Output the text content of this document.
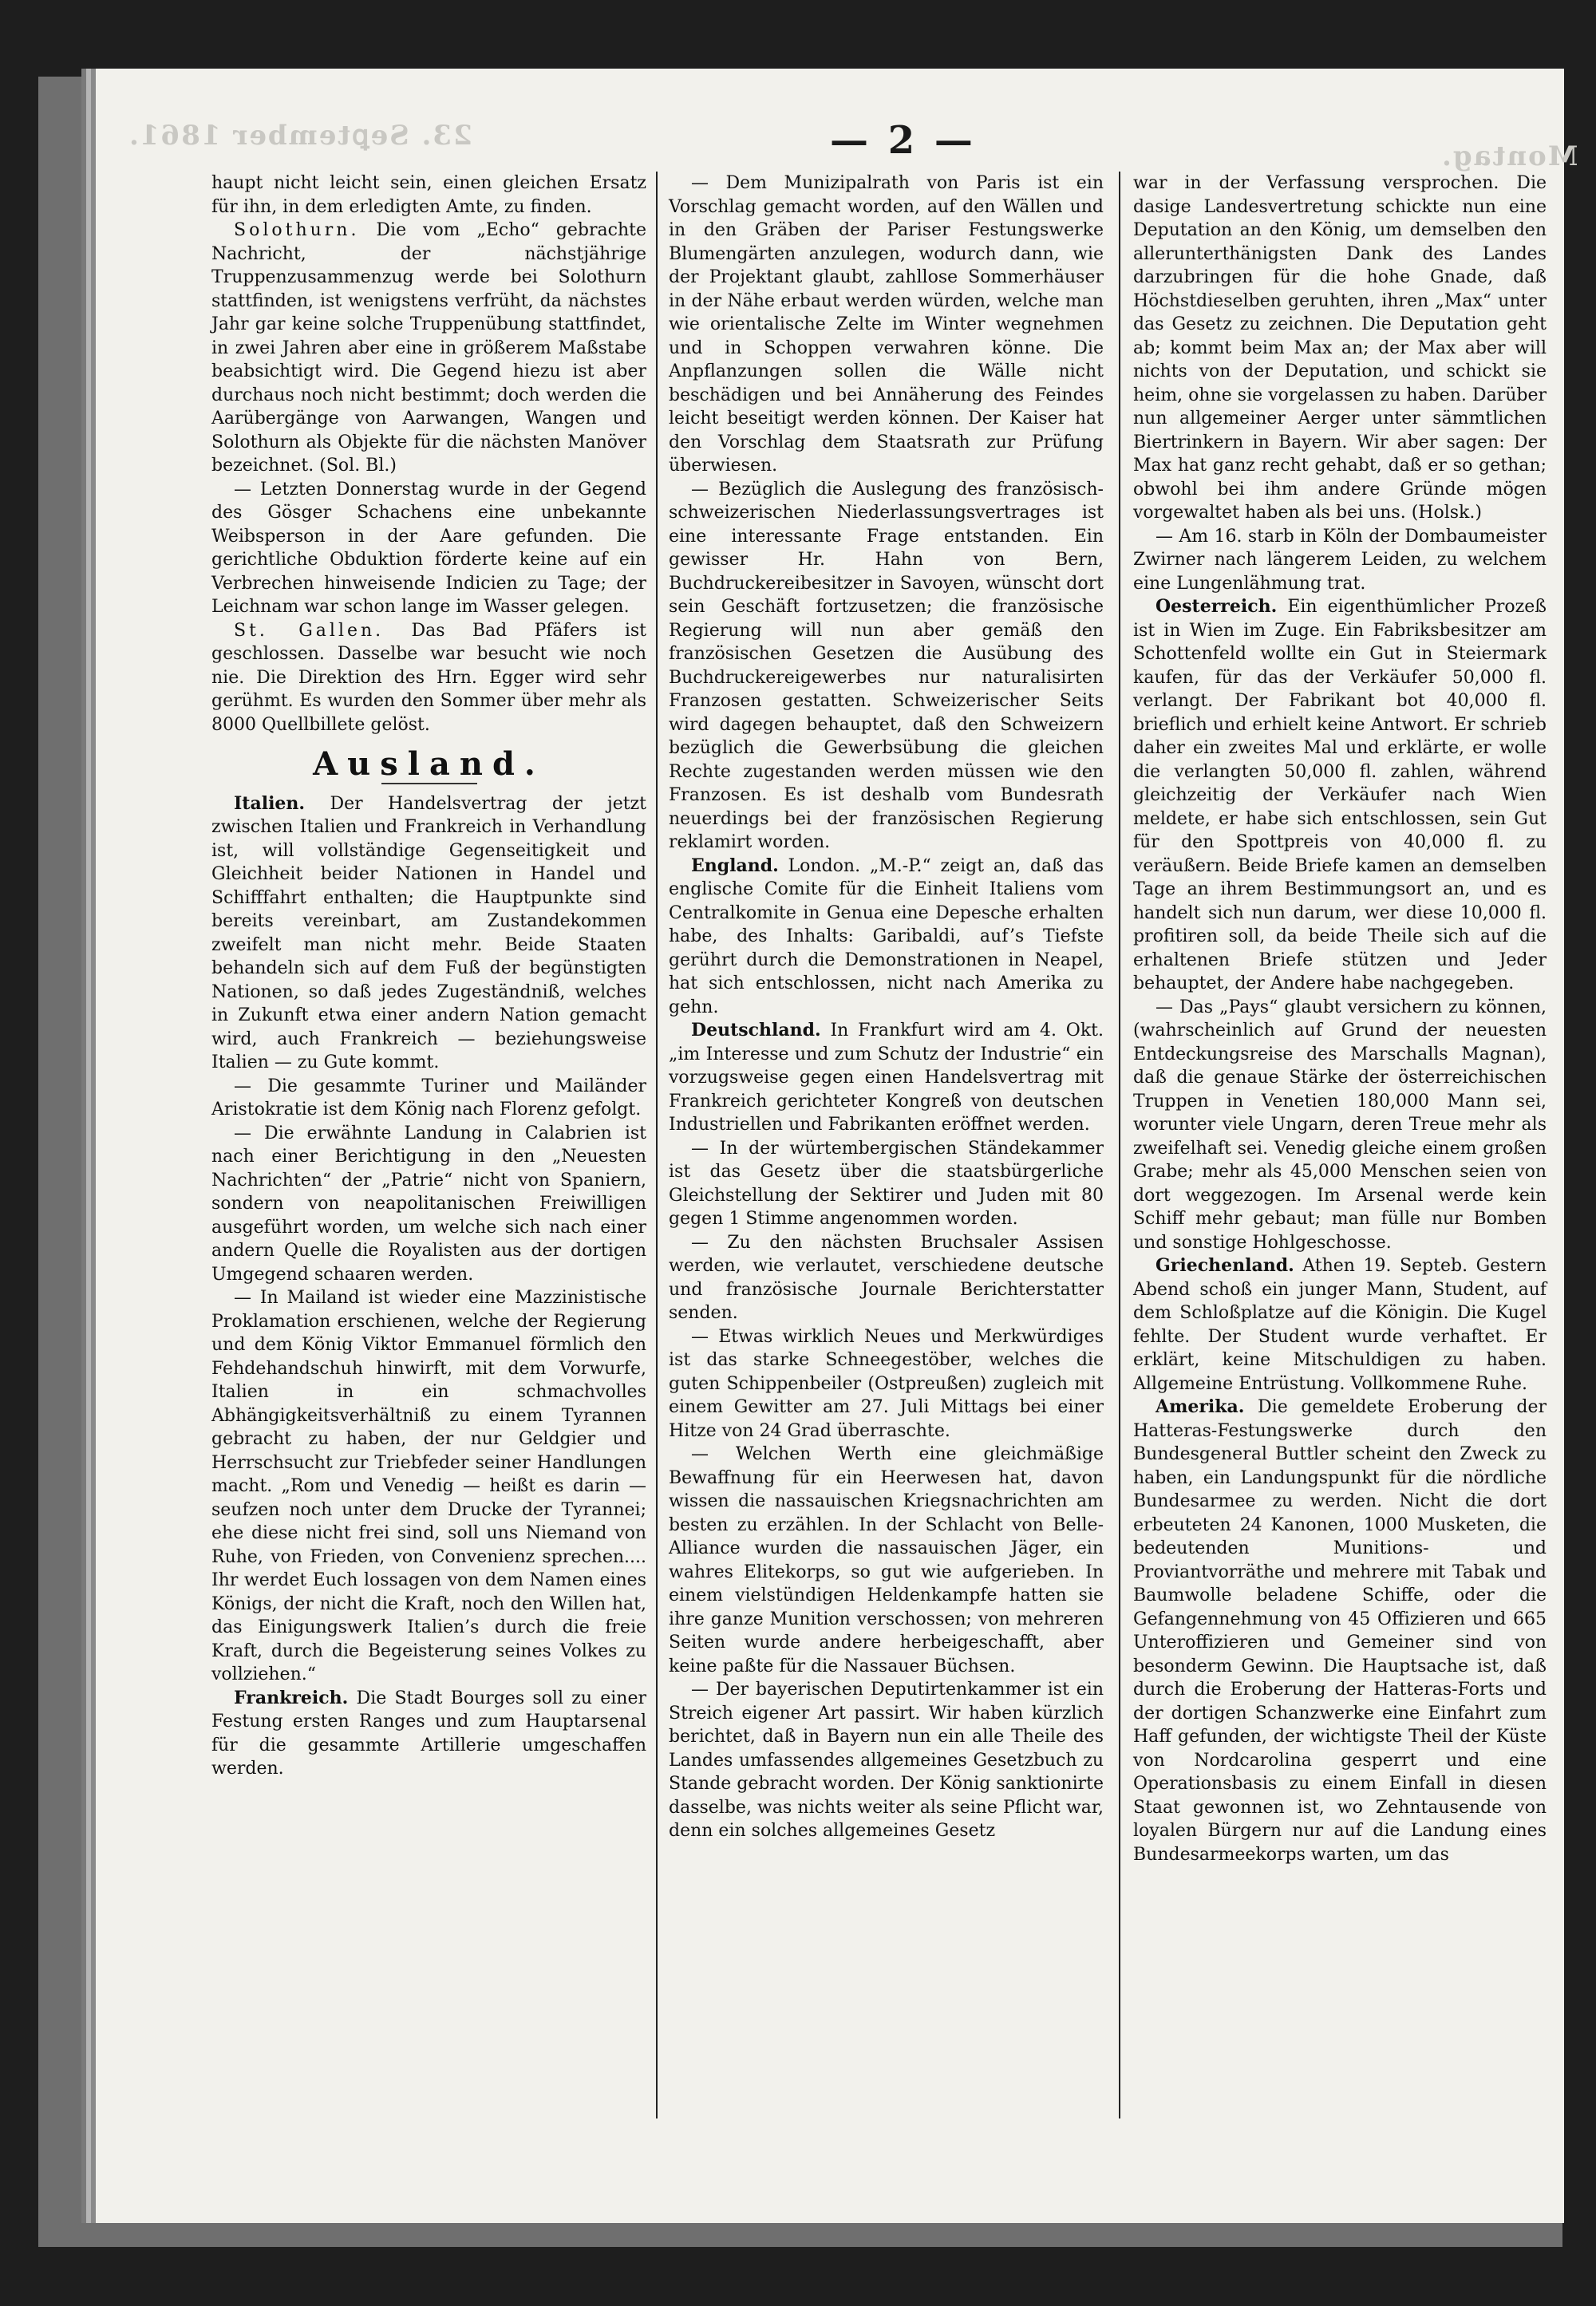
23. Seꝑtember 1861.
Montag.
— 2 —

haupt nicht leicht sein, einen gleichen Ersatz für ihn, in dem erledigten Amte, zu finden.

Solothurn. Die vom „Echo“ gebrachte Nachricht, der nächstjährige Truppenzusammenzug werde bei Solothurn stattfinden, ist wenigstens verfrüht, da nächstes Jahr gar keine solche Truppenübung stattfindet, in zwei Jahren aber eine in größerem Maßstabe beabsichtigt wird. Die Gegend hiezu ist aber durchaus noch nicht bestimmt; doch werden die Aarübergänge von Aarwangen, Wangen und Solothurn als Objekte für die nächsten Manöver bezeichnet. (Sol. Bl.)

— Letzten Donnerstag wurde in der Gegend des Gösger Schachens eine unbekannte Weibsperson in der Aare gefunden. Die gerichtliche Obduktion förderte keine auf ein Verbrechen hinweisende Indicien zu Tage; der Leichnam war schon lange im Wasser gelegen.

St. Gallen. Das Bad Pfäfers ist geschlossen. Dasselbe war besucht wie noch nie. Die Direktion des Hrn. Egger wird sehr gerühmt. Es wurden den Sommer über mehr als 8000 Quellbillete gelöst.

Ausland.

Italien. Der Handelsvertrag der jetzt zwischen Italien und Frankreich in Verhandlung ist, will vollständige Gegenseitigkeit und Gleichheit beider Nationen in Handel und Schifffahrt enthalten; die Hauptpunkte sind bereits vereinbart, am Zustandekommen zweifelt man nicht mehr. Beide Staaten behandeln sich auf dem Fuß der begünstigten Nationen, so daß jedes Zugeständniß, welches in Zukunft etwa einer andern Nation gemacht wird, auch Frankreich — beziehungsweise Italien — zu Gute kommt.

— Die gesammte Turiner und Mailänder Aristokratie ist dem König nach Florenz gefolgt.

— Die erwähnte Landung in Calabrien ist nach einer Berichtigung in den „Neuesten Nachrichten“ der „Patrie“ nicht von Spaniern, sondern von neapolitanischen Freiwilligen ausgeführt worden, um welche sich nach einer andern Quelle die Royalisten aus der dortigen Umgegend schaaren werden.

— In Mailand ist wieder eine Mazzinistische Proklamation erschienen, welche der Regierung und dem König Viktor Emmanuel förmlich den Fehdehandschuh hinwirft, mit dem Vorwurfe, Italien in ein schmachvolles Abhängigkeitsverhältniß zu einem Tyrannen gebracht zu haben, der nur Geldgier und Herrschsucht zur Triebfeder seiner Handlungen macht. „Rom und Venedig — heißt es darin — seufzen noch unter dem Drucke der Tyrannei; ehe diese nicht frei sind, soll uns Niemand von Ruhe, von Frieden, von Convenienz sprechen.... Ihr werdet Euch lossagen von dem Namen eines Königs, der nicht die Kraft, noch den Willen hat, das Einigungswerk Italien’s durch die freie Kraft, durch die Begeisterung seines Volkes zu vollziehen.“

Frankreich. Die Stadt Bourges soll zu einer Festung ersten Ranges und zum Hauptarsenal für die gesammte Artillerie umgeschaffen werden.

— Dem Munizipalrath von Paris ist ein Vorschlag gemacht worden, auf den Wällen und in den Gräben der Pariser Festungswerke Blumengärten anzulegen, wodurch dann, wie der Projektant glaubt, zahllose Sommerhäuser in der Nähe erbaut werden würden, welche man wie orientalische Zelte im Winter wegnehmen und in Schoppen verwahren könne. Die Anpflanzungen sollen die Wälle nicht beschädigen und bei Annäherung des Feindes leicht beseitigt werden können. Der Kaiser hat den Vorschlag dem Staatsrath zur Prüfung überwiesen.

— Bezüglich die Auslegung des französisch-schweizerischen Niederlassungsvertrages ist eine interessante Frage entstanden. Ein gewisser Hr. Hahn von Bern, Buchdruckereibesitzer in Savoyen, wünscht dort sein Geschäft fortzusetzen; die französische Regierung will nun aber gemäß den französischen Gesetzen die Ausübung des Buchdruckereigewerbes nur naturalisirten Franzosen gestatten. Schweizerischer Seits wird dagegen behauptet, daß den Schweizern bezüglich die Gewerbsübung die gleichen Rechte zugestanden werden müssen wie den Franzosen. Es ist deshalb vom Bundesrath neuerdings bei der französischen Regierung reklamirt worden.

England. London. „M.-P.“ zeigt an, daß das englische Comite für die Einheit Italiens vom Centralkomite in Genua eine Depesche erhalten habe, des Inhalts: Garibaldi, auf’s Tiefste gerührt durch die Demonstrationen in Neapel, hat sich entschlossen, nicht nach Amerika zu gehn.

Deutschland. In Frankfurt wird am 4. Okt. „im Interesse und zum Schutz der Industrie“ ein vorzugsweise gegen einen Handelsvertrag mit Frankreich gerichteter Kongreß von deutschen Industriellen und Fabrikanten eröffnet werden.

— In der würtembergischen Ständekammer ist das Gesetz über die staatsbürgerliche Gleichstellung der Sektirer und Juden mit 80 gegen 1 Stimme angenommen worden.

— Zu den nächsten Bruchsaler Assisen werden, wie verlautet, verschiedene deutsche und französische Journale Berichterstatter senden.

— Etwas wirklich Neues und Merkwürdiges ist das starke Schneegestöber, welches die guten Schippenbeiler (Ostpreußen) zugleich mit einem Gewitter am 27. Juli Mittags bei einer Hitze von 24 Grad überraschte.

— Welchen Werth eine gleichmäßige Bewaffnung für ein Heerwesen hat, davon wissen die nassauischen Kriegsnachrichten am besten zu erzählen. In der Schlacht von Belle-Alliance wurden die nassauischen Jäger, ein wahres Elitekorps, so gut wie aufgerieben. In einem vielstündigen Heldenkampfe hatten sie ihre ganze Munition verschossen; von mehreren Seiten wurde andere herbeigeschafft, aber keine paßte für die Nassauer Büchsen.

— Der bayerischen Deputirtenkammer ist ein Streich eigener Art passirt. Wir haben kürzlich berichtet, daß in Bayern nun ein alle Theile des Landes umfassendes allgemeines Gesetzbuch zu Stande gebracht worden. Der König sanktionirte dasselbe, was nichts weiter als seine Pflicht war, denn ein solches allgemeines Gesetz

war in der Verfassung versprochen. Die dasige Landesvertretung schickte nun eine Deputation an den König, um demselben den allerunterthänigsten Dank des Landes darzubringen für die hohe Gnade, daß Höchstdieselben geruhten, ihren „Max“ unter das Gesetz zu zeichnen. Die Deputation geht ab; kommt beim Max an; der Max aber will nichts von der Deputation, und schickt sie heim, ohne sie vorgelassen zu haben. Darüber nun allgemeiner Aerger unter sämmtlichen Biertrinkern in Bayern. Wir aber sagen: Der Max hat ganz recht gehabt, daß er so gethan; obwohl bei ihm andere Gründe mögen vorgewaltet haben als bei uns. (Holsk.)

— Am 16. starb in Köln der Dombaumeister Zwirner nach längerem Leiden, zu welchem eine Lungenlähmung trat.

Oesterreich. Ein eigenthümlicher Prozeß ist in Wien im Zuge. Ein Fabriksbesitzer am Schottenfeld wollte ein Gut in Steiermark kaufen, für das der Verkäufer 50,000 fl. verlangt. Der Fabrikant bot 40,000 fl. brieflich und erhielt keine Antwort. Er schrieb daher ein zweites Mal und erklärte, er wolle die verlangten 50,000 fl. zahlen, während gleichzeitig der Verkäufer nach Wien meldete, er habe sich entschlossen, sein Gut für den Spottpreis von 40,000 fl. zu veräußern. Beide Briefe kamen an demselben Tage an ihrem Bestimmungsort an, und es handelt sich nun darum, wer diese 10,000 fl. profitiren soll, da beide Theile sich auf die erhaltenen Briefe stützen und Jeder behauptet, der Andere habe nachgegeben.

— Das „Pays“ glaubt versichern zu können, (wahrscheinlich auf Grund der neuesten Entdeckungsreise des Marschalls Magnan), daß die genaue Stärke der österreichischen Truppen in Venetien 180,000 Mann sei, worunter viele Ungarn, deren Treue mehr als zweifelhaft sei. Venedig gleiche einem großen Grabe; mehr als 45,000 Menschen seien von dort weggezogen. Im Arsenal werde kein Schiff mehr gebaut; man fülle nur Bomben und sonstige Hohlgeschosse.

Griechenland. Athen 19. Septeb. Gestern Abend schoß ein junger Mann, Student, auf dem Schloßplatze auf die Königin. Die Kugel fehlte. Der Student wurde verhaftet. Er erklärt, keine Mitschuldigen zu haben. Allgemeine Entrüstung. Vollkommene Ruhe.

Amerika. Die gemeldete Eroberung der Hatteras-Festungswerke durch den Bundesgeneral Buttler scheint den Zweck zu haben, ein Landungspunkt für die nördliche Bundesarmee zu werden. Nicht die dort erbeuteten 24 Kanonen, 1000 Musketen, die bedeutenden Munitions- und Proviantvorräthe und mehrere mit Tabak und Baumwolle beladene Schiffe, oder die Gefangennehmung von 45 Offizieren und 665 Unteroffizieren und Gemeiner sind von besonderm Gewinn. Die Hauptsache ist, daß durch die Eroberung der Hatteras-Forts und der dortigen Schanzwerke eine Einfahrt zum Haff gefunden, der wichtigste Theil der Küste von Nordcarolina gesperrt und eine Operationsbasis zu einem Einfall in diesen Staat gewonnen ist, wo Zehntausende von loyalen Bürgern nur auf die Landung eines Bundesarmeekorps warten, um das
